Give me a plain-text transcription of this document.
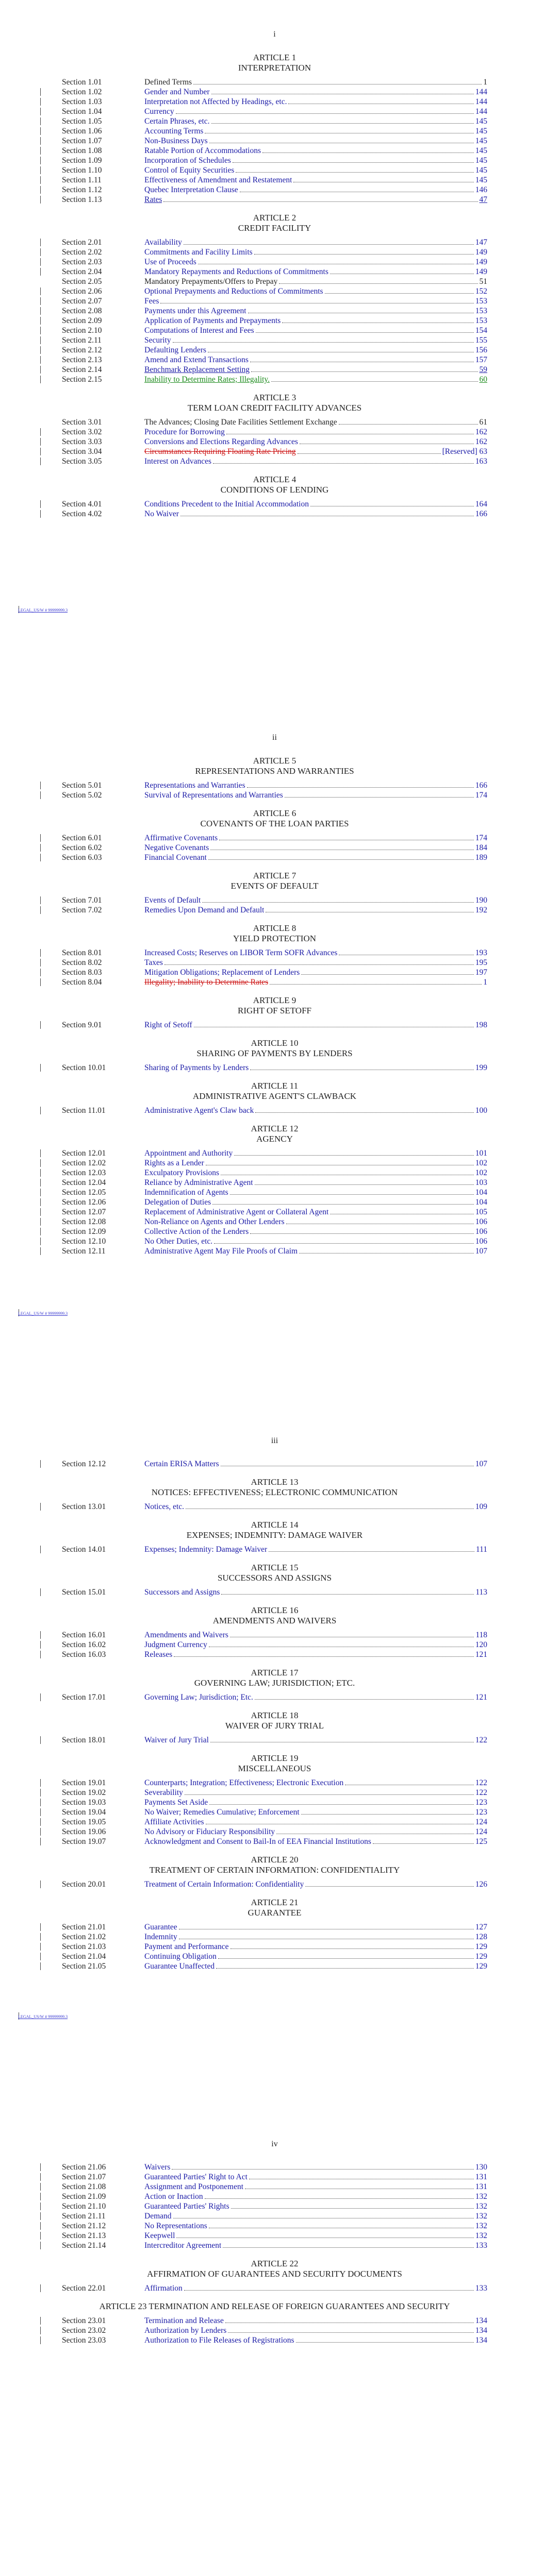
i
ARTICLE 1
INTERPRETATION
Section 1.01	Defined Terms	1
Section 1.02	Gender and Number	144
Section 1.03	Interpretation not Affected by Headings, etc.	144
Section 1.04	Currency	144
Section 1.05	Certain Phrases, etc.	145
Section 1.06	Accounting Terms	145
Section 1.07	Non-Business Days	145
Section 1.08	Ratable Portion of Accommodations	145
Section 1.09	Incorporation of Schedules	145
Section 1.10	Control of Equity Securities	145
Section 1.11	Effectiveness of Amendment and Restatement	145
Section 1.12	Quebec Interpretation Clause	146
Section 1.13	Rates	47
ARTICLE 2
CREDIT FACILITY
Section 2.01	Availability	147
Section 2.02	Commitments and Facility Limits	149
Section 2.03	Use of Proceeds	149
Section 2.04	Mandatory Repayments and Reductions of Commitments	149
Section 2.05	Mandatory Prepayments/Offers to Prepay	51
Section 2.06	Optional Prepayments and Reductions of Commitments	152
Section 2.07	Fees	153
Section 2.08	Payments under this Agreement	153
Section 2.09	Application of Payments and Prepayments	153
Section 2.10	Computations of Interest and Fees	154
Section 2.11	Security	155
Section 2.12	Defaulting Lenders	156
Section 2.13	Amend and Extend Transactions	157
Section 2.14	Benchmark Replacement Setting	59
Section 2.15	Inability to Determine Rates; Illegality.	60
ARTICLE 3
TERM LOAN CREDIT FACILITY ADVANCES
Section 3.01	The Advances; Closing Date Facilities Settlement Exchange	61
Section 3.02	Procedure for Borrowing	162
Section 3.03	Conversions and Elections Regarding Advances	162
Section 3.04	Circumstances Requiring Floating Rate Pricing	[Reserved] 63
Section 3.05	Interest on Advances	163
ARTICLE 4
CONDITIONS OF LENDING
Section 4.01	Conditions Precedent to the Initial Accommodation	164
Section 4.02	No Waiver	166
LEGAL_US/W # 99999999.3
ii
ARTICLE 5
REPRESENTATIONS AND WARRANTIES
Section 5.01	Representations and Warranties	166
Section 5.02	Survival of Representations and Warranties	174
ARTICLE 6
COVENANTS OF THE LOAN PARTIES
Section 6.01	Affirmative Covenants	174
Section 6.02	Negative Covenants	184
Section 6.03	Financial Covenant	189
ARTICLE 7
EVENTS OF DEFAULT
Section 7.01	Events of Default	190
Section 7.02	Remedies Upon Demand and Default	192
ARTICLE 8
YIELD PROTECTION
Section 8.01	Increased Costs; Reserves on LIBOR Term SOFR Advances	193
Section 8.02	Taxes	195
Section 8.03	Mitigation Obligations; Replacement of Lenders	197
Section 8.04	Illegality; Inability to Determine Rates	1
ARTICLE 9
RIGHT OF SETOFF
Section 9.01	Right of Setoff	198
ARTICLE 10
SHARING OF PAYMENTS BY LENDERS
Section 10.01	Sharing of Payments by Lenders	199
ARTICLE 11
ADMINISTRATIVE AGENT'S CLAWBACK
Section 11.01	Administrative Agent's Claw back	100
ARTICLE 12
AGENCY
Section 12.01	Appointment and Authority	101
Section 12.02	Rights as a Lender	102
Section 12.03	Exculpatory Provisions	102
Section 12.04	Reliance by Administrative Agent	103
Section 12.05	Indemnification of Agents	104
Section 12.06	Delegation of Duties	104
Section 12.07	Replacement of Administrative Agent or Collateral Agent	105
Section 12.08	Non-Reliance on Agents and Other Lenders	106
Section 12.09	Collective Action of the Lenders	106
Section 12.10	No Other Duties, etc.	106
Section 12.11	Administrative Agent May File Proofs of Claim	107
LEGAL_US/W # 99999999.3
iii
Section 12.12	Certain ERISA Matters	107
ARTICLE 13
NOTICES: EFFECTIVENESS; ELECTRONIC COMMUNICATION
Section 13.01	Notices, etc.	109
ARTICLE 14
EXPENSES; INDEMNITY: DAMAGE WAIVER
Section 14.01	Expenses; Indemnity: Damage Waiver	111
ARTICLE 15
SUCCESSORS AND ASSIGNS
Section 15.01	Successors and Assigns	113
ARTICLE 16
AMENDMENTS AND WAIVERS
Section 16.01	Amendments and Waivers	118
Section 16.02	Judgment Currency	120
Section 16.03	Releases	121
ARTICLE 17
GOVERNING LAW; JURISDICTION; ETC.
Section 17.01	Governing Law; Jurisdiction; Etc.	121
ARTICLE 18
WAIVER OF JURY TRIAL
Section 18.01	Waiver of Jury Trial	122
ARTICLE 19
MISCELLANEOUS
Section 19.01	Counterparts; Integration; Effectiveness; Electronic Execution	122
Section 19.02	Severability	122
Section 19.03	Payments Set Aside	123
Section 19.04	No Waiver; Remedies Cumulative; Enforcement	123
Section 19.05	Affiliate Activities	124
Section 19.06	No Advisory or Fiduciary Responsibility	124
Section 19.07	Acknowledgment and Consent to Bail-In of EEA Financial Institutions	125
ARTICLE 20
TREATMENT OF CERTAIN INFORMATION: CONFIDENTIALITY
Section 20.01	Treatment of Certain Information: Confidentiality	126
ARTICLE 21
GUARANTEE
Section 21.01	Guarantee	127
Section 21.02	Indemnity	128
Section 21.03	Payment and Performance	129
Section 21.04	Continuing Obligation	129
Section 21.05	Guarantee Unaffected	129
LEGAL_US/W # 99999999.3
iv
Section 21.06	Waivers	130
Section 21.07	Guaranteed Parties' Right to Act	131
Section 21.08	Assignment and Postponement	131
Section 21.09	Action or Inaction	132
Section 21.10	Guaranteed Parties' Rights	132
Section 21.11	Demand	132
Section 21.12	No Representations	132
Section 21.13	Keepwell	132
Section 21.14	Intercreditor Agreement	133
ARTICLE 22
AFFIRMATION OF GUARANTEES AND SECURITY DOCUMENTS
Section 22.01	Affirmation	133
ARTICLE 23 TERMINATION AND RELEASE OF FOREIGN GUARANTEES AND SECURITY
Section 23.01	Termination and Release	134
Section 23.02	Authorization by Lenders	134
Section 23.03	Authorization to File Releases of Registrations	134
